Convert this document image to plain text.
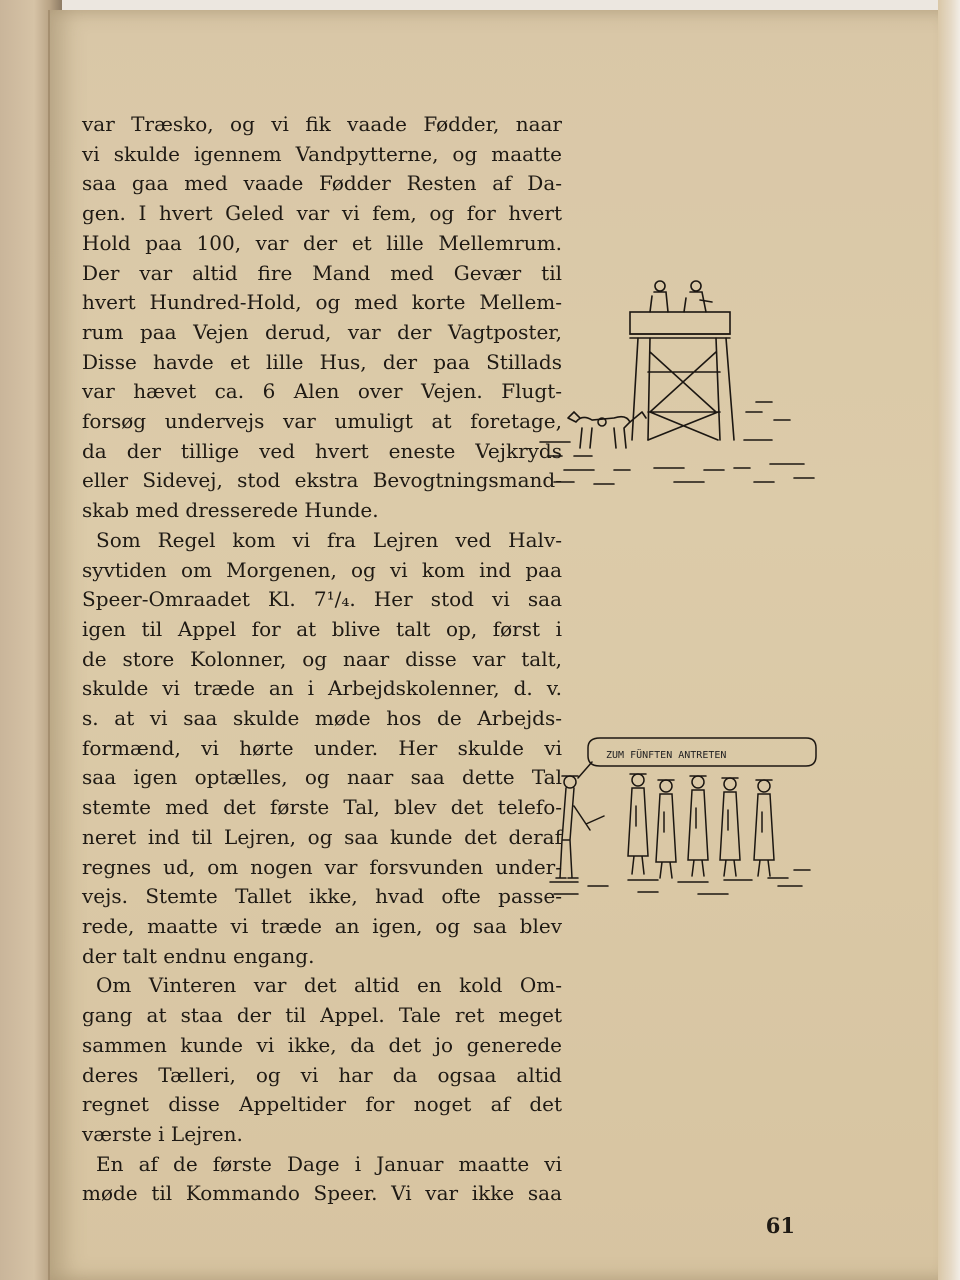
var Træsko, og vi fik vaade Fødder, naar
vi skulde igennem Vandpytterne, og maatte
saa gaa med vaade Fødder Resten af Da-
gen. I hvert Geled var vi fem, og for hvert
Hold paa 100, var der et lille Mellemrum.
Der var altid fire Mand med Gevær til
hvert Hundred-Hold, og med korte Mellem-
rum paa Vejen derud, var der Vagtposter,
Disse havde et lille Hus, der paa Stillads
var hævet ca. 6 Alen over Vejen. Flugt-
forsøg undervejs var umuligt at foretage,
da der tillige ved hvert eneste Vejkryds
eller Sidevej, stod ekstra Bevogtningsmand-
skab med dresserede Hunde.
Som Regel kom vi fra Lejren ved Halv-
syvtiden om Morgenen, og vi kom ind paa
Speer-Omraadet Kl. 7¹/₄. Her stod vi saa
igen til Appel for at blive talt op, først i
de store Kolonner, og naar disse var talt,
skulde vi træde an i Arbejdskolenner, d. v.
s. at vi saa skulde møde hos de Arbejds-
formænd, vi hørte under. Her skulde vi
saa igen optælles, og naar saa dette Tal
stemte med det første Tal, blev det telefo-
neret ind til Lejren, og saa kunde det deraf
regnes ud, om nogen var forsvunden under-
vejs. Stemte Tallet ikke, hvad ofte passe-
rede, maatte vi træde an igen, og saa blev
der talt endnu engang.
Om Vinteren var det altid en kold Om-
gang at staa der til Appel. Tale ret meget
sammen kunde vi ikke, da det jo generede
deres Tælleri, og vi har da ogsaa altid
regnet disse Appeltider for noget af det
værste i Lejren.
En af de første Dage i Januar maatte vi
møde til Kommando Speer. Vi var ikke saa
ZUM FÜNFTEN ANTRETEN
61
